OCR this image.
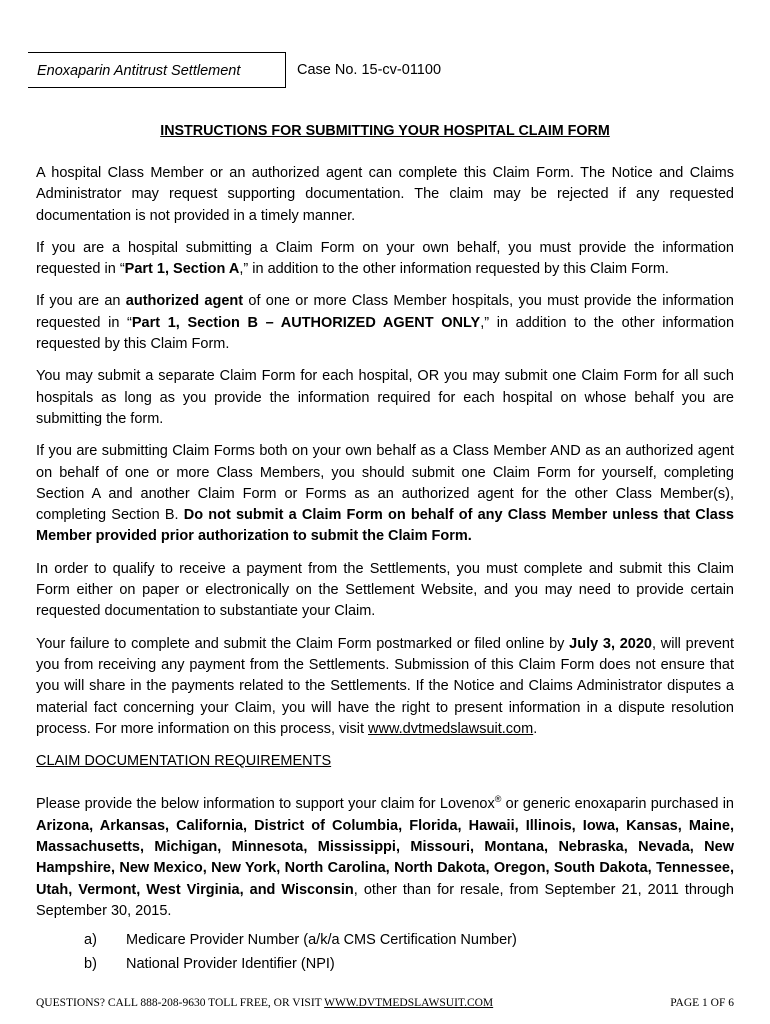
Enoxaparin Antitrust Settlement	Case No. 15-cv-01100
INSTRUCTIONS FOR SUBMITTING YOUR HOSPITAL CLAIM FORM

A hospital Class Member or an authorized agent can complete this Claim Form. The Notice and Claims Administrator may request supporting documentation. The claim may be rejected if any requested documentation is not provided in a timely manner.

If you are a hospital submitting a Claim Form on your own behalf, you must provide the information requested in “Part 1, Section A,” in addition to the other information requested by this Claim Form.

If you are an authorized agent of one or more Class Member hospitals, you must provide the information requested in “Part 1, Section B – AUTHORIZED AGENT ONLY,” in addition to the other information requested by this Claim Form.

You may submit a separate Claim Form for each hospital, OR you may submit one Claim Form for all such hospitals as long as you provide the information required for each hospital on whose behalf you are submitting the form.

If you are submitting Claim Forms both on your own behalf as a Class Member AND as an authorized agent on behalf of one or more Class Members, you should submit one Claim Form for yourself, completing Section A and another Claim Form or Forms as an authorized agent for the other Class Member(s), completing Section B. Do not submit a Claim Form on behalf of any Class Member unless that Class Member provided prior authorization to submit the Claim Form.

In order to qualify to receive a payment from the Settlements, you must complete and submit this Claim Form either on paper or electronically on the Settlement Website, and you may need to provide certain requested documentation to substantiate your Claim.

Your failure to complete and submit the Claim Form postmarked or filed online by July 3, 2020, will prevent you from receiving any payment from the Settlements. Submission of this Claim Form does not ensure that you will share in the payments related to the Settlements. If the Notice and Claims Administrator disputes a material fact concerning your Claim, you will have the right to present information in a dispute resolution process. For more information on this process, visit www.dvtmedslawsuit.com.

CLAIM DOCUMENTATION REQUIREMENTS

Please provide the below information to support your claim for Lovenox® or generic enoxaparin purchased in Arizona, Arkansas, California, District of Columbia, Florida, Hawaii, Illinois, Iowa, Kansas, Maine, Massachusetts, Michigan, Minnesota, Mississippi, Missouri, Montana, Nebraska, Nevada, New Hampshire, New Mexico, New York, North Carolina, North Dakota, Oregon, South Dakota, Tennessee, Utah, Vermont, West Virginia, and Wisconsin, other than for resale, from September 21, 2011 through September 30, 2015.

a)	Medicare Provider Number (a/k/a CMS Certification Number)
b)	National Provider Identifier (NPI)
QUESTIONS? CALL 888-208-9630 TOLL FREE, OR VISIT WWW.DVTMEDSLAWSUIT.COM	PAGE 1 OF 6
